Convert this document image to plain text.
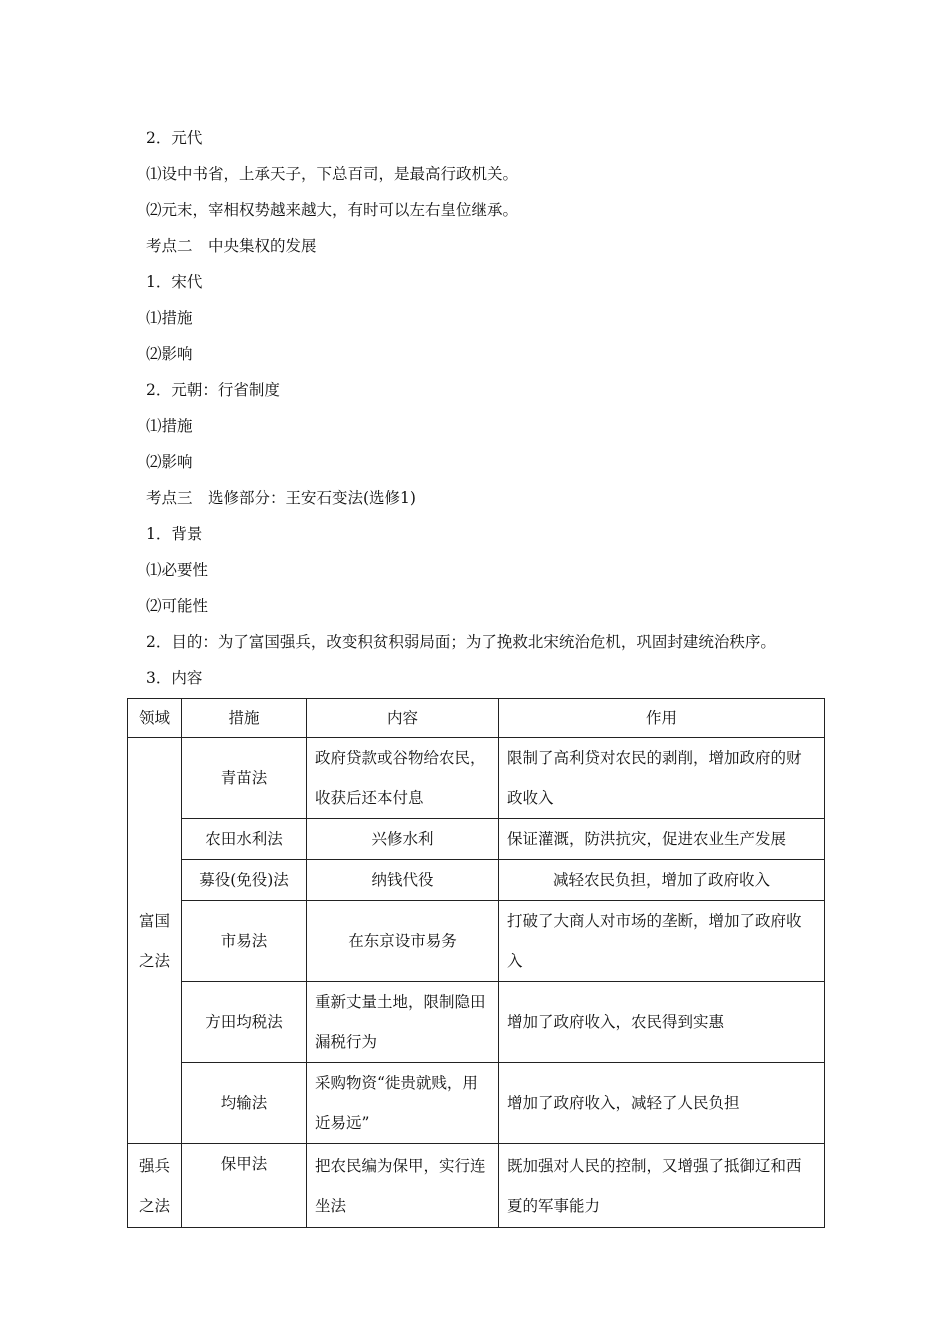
2．元代
⑴设中书省，上承天子，下总百司，是最高行政机关。
⑵元末，宰相权势越来越大，有时可以左右皇位继承。
考点二　中央集权的发展
1．宋代
⑴措施
⑵影响
2．元朝：行省制度
⑴措施
⑵影响
考点三　选修部分：王安石变法(选修1)
1．背景
⑴必要性
⑵可能性
2．目的：为了富国强兵，改变积贫积弱局面；为了挽救北宋统治危机，巩固封建统治秩序。
3．内容
领域	措施	内容	作用
富国之法	青苗法	政府贷款或谷物给农民，收获后还本付息	限制了高利贷对农民的剥削，增加政府的财政收入
	农田水利法	兴修水利	保证灌溉，防洪抗灾，促进农业生产发展
	募役(免役)法	纳钱代役	减轻农民负担，增加了政府收入
	市易法	在东京设市易务	打破了大商人对市场的垄断，增加了政府收入
	方田均税法	重新丈量土地，限制隐田漏税行为	增加了政府收入，农民得到实惠
	均输法	采购物资“徙贵就贱，用近易远”	增加了政府收入，减轻了人民负担
强兵之法	保甲法	把农民编为保甲，实行连坐法	既加强对人民的控制，又增强了抵御辽和西夏的军事能力
